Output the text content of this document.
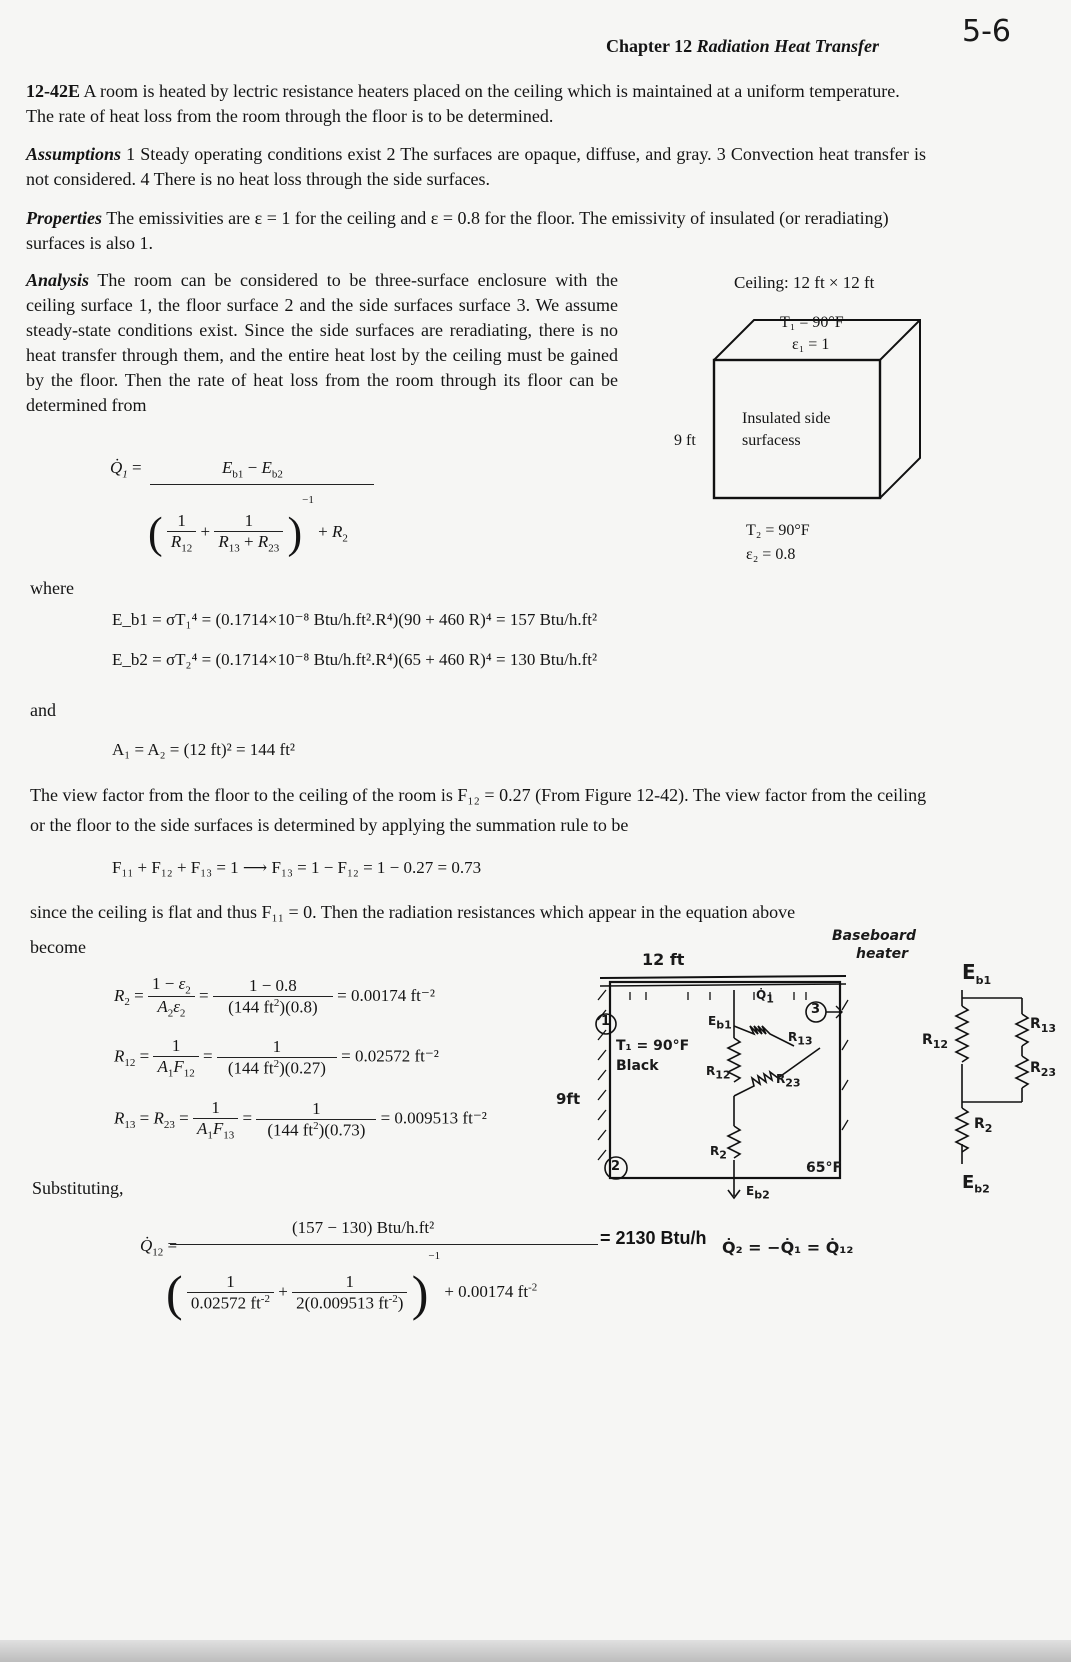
5-6
Chapter 12 Radiation Heat Transfer
12-42E A room is heated by lectric resistance heaters placed on the ceiling which is maintained at a uniform temperature. The rate of heat loss from the room through the floor is to be determined.
Assumptions 1 Steady operating conditions exist 2 The surfaces are opaque, diffuse, and gray. 3 Convection heat transfer is not considered. 4 There is no heat loss through the side surfaces.
Properties The emissivities are ε = 1 for the ceiling and ε = 0.8 for the floor. The emissivity of insulated (or reradiating) surfaces is also 1.
Analysis The room can be considered to be three-surface enclosure with the ceiling surface 1, the floor surface 2 and the side surfaces surface 3. We assume steady-state conditions exist. Since the side surfaces are reradiating, there is no heat transfer through them, and the entire heat lost by the ceiling must be gained by the floor. Then the rate of heat loss from the room through its floor can be determined from
Ceiling: 12 ft × 12 ft
T₁ = 90°F
ε₁ = 1
Insulated side surfacess
9 ft
T₂ = 90°F
ε₂ = 0.8
$Q̇_1$ =	$E_{b1} - E_{b2}$
( $\frac{1}{R_{12}} + \frac{1}{R_{13} + R_{23}} )^{-1} + R_2$
where
E_b1 = σT₁⁴ = (0.1714×10⁻⁸ Btu/h.ft².R⁴)(90 + 460 R)⁴ = 157 Btu/h.ft²
E_b2 = σT₂⁴ = (0.1714×10⁻⁸ Btu/h.ft².R⁴)(65 + 460 R)⁴ = 130 Btu/h.ft²
and
A₁ = A₂ = (12 ft)² = 144 ft²
The view factor from the floor to the ceiling of the room is F₁₂ = 0.27 (From Figure 12-42). The view factor from the ceiling or the floor to the side surfaces is determined by applying the summation rule to be
F₁₁ + F₁₂ + F₁₃ = 1 ⟶ F₁₃ = 1 − F₁₂ = 1 − 0.27 = 0.73
since the ceiling is flat and thus F₁₁ = 0. Then the radiation resistances which appear in the equation above
become
$R_2 = \frac{1 - \varepsilon_2}{A_2\varepsilon_2} = \frac{1 - 0.8}{(144 ft^2)(0.8)} = 0.00174$ ft⁻²
$R_{12} = \frac{1}{A_1F_{12}} = \frac{1}{(144 ft^2)(0.27)} = 0.02572$ ft⁻²
$R_{13} = R_{23} = \frac{1}{A_1F_{13}} = \frac{1}{(144 ft^2)(0.73)} = 0.009513$ ft⁻²
Substituting,
$Q̇_{12}$ =
(157 − 130) Btu/h.ft²
( $\frac{1}{0.02572 ft^{-2}} + \frac{1}{2(0.009513 ft^{-2})} )^{-1} + 0.00174$ $ft^{-2}$
= 2130 Btu/h
12 ft
9ft
Baseboard
heater
1
2
3
T₁ = 90°F
Black
$E_{b1}$
$R_{12}$
$R_{13}$
$R_{23}$
$R_2$
$E_{b2}$
65°F
$Q̇_1$
Q̇₂ = −Q̇₁ = Q̇₁₂
$E_{b1}$
$R_{12}$
$R_{13}$
$R_{23}$
$R_2$
$E_{b2}$
